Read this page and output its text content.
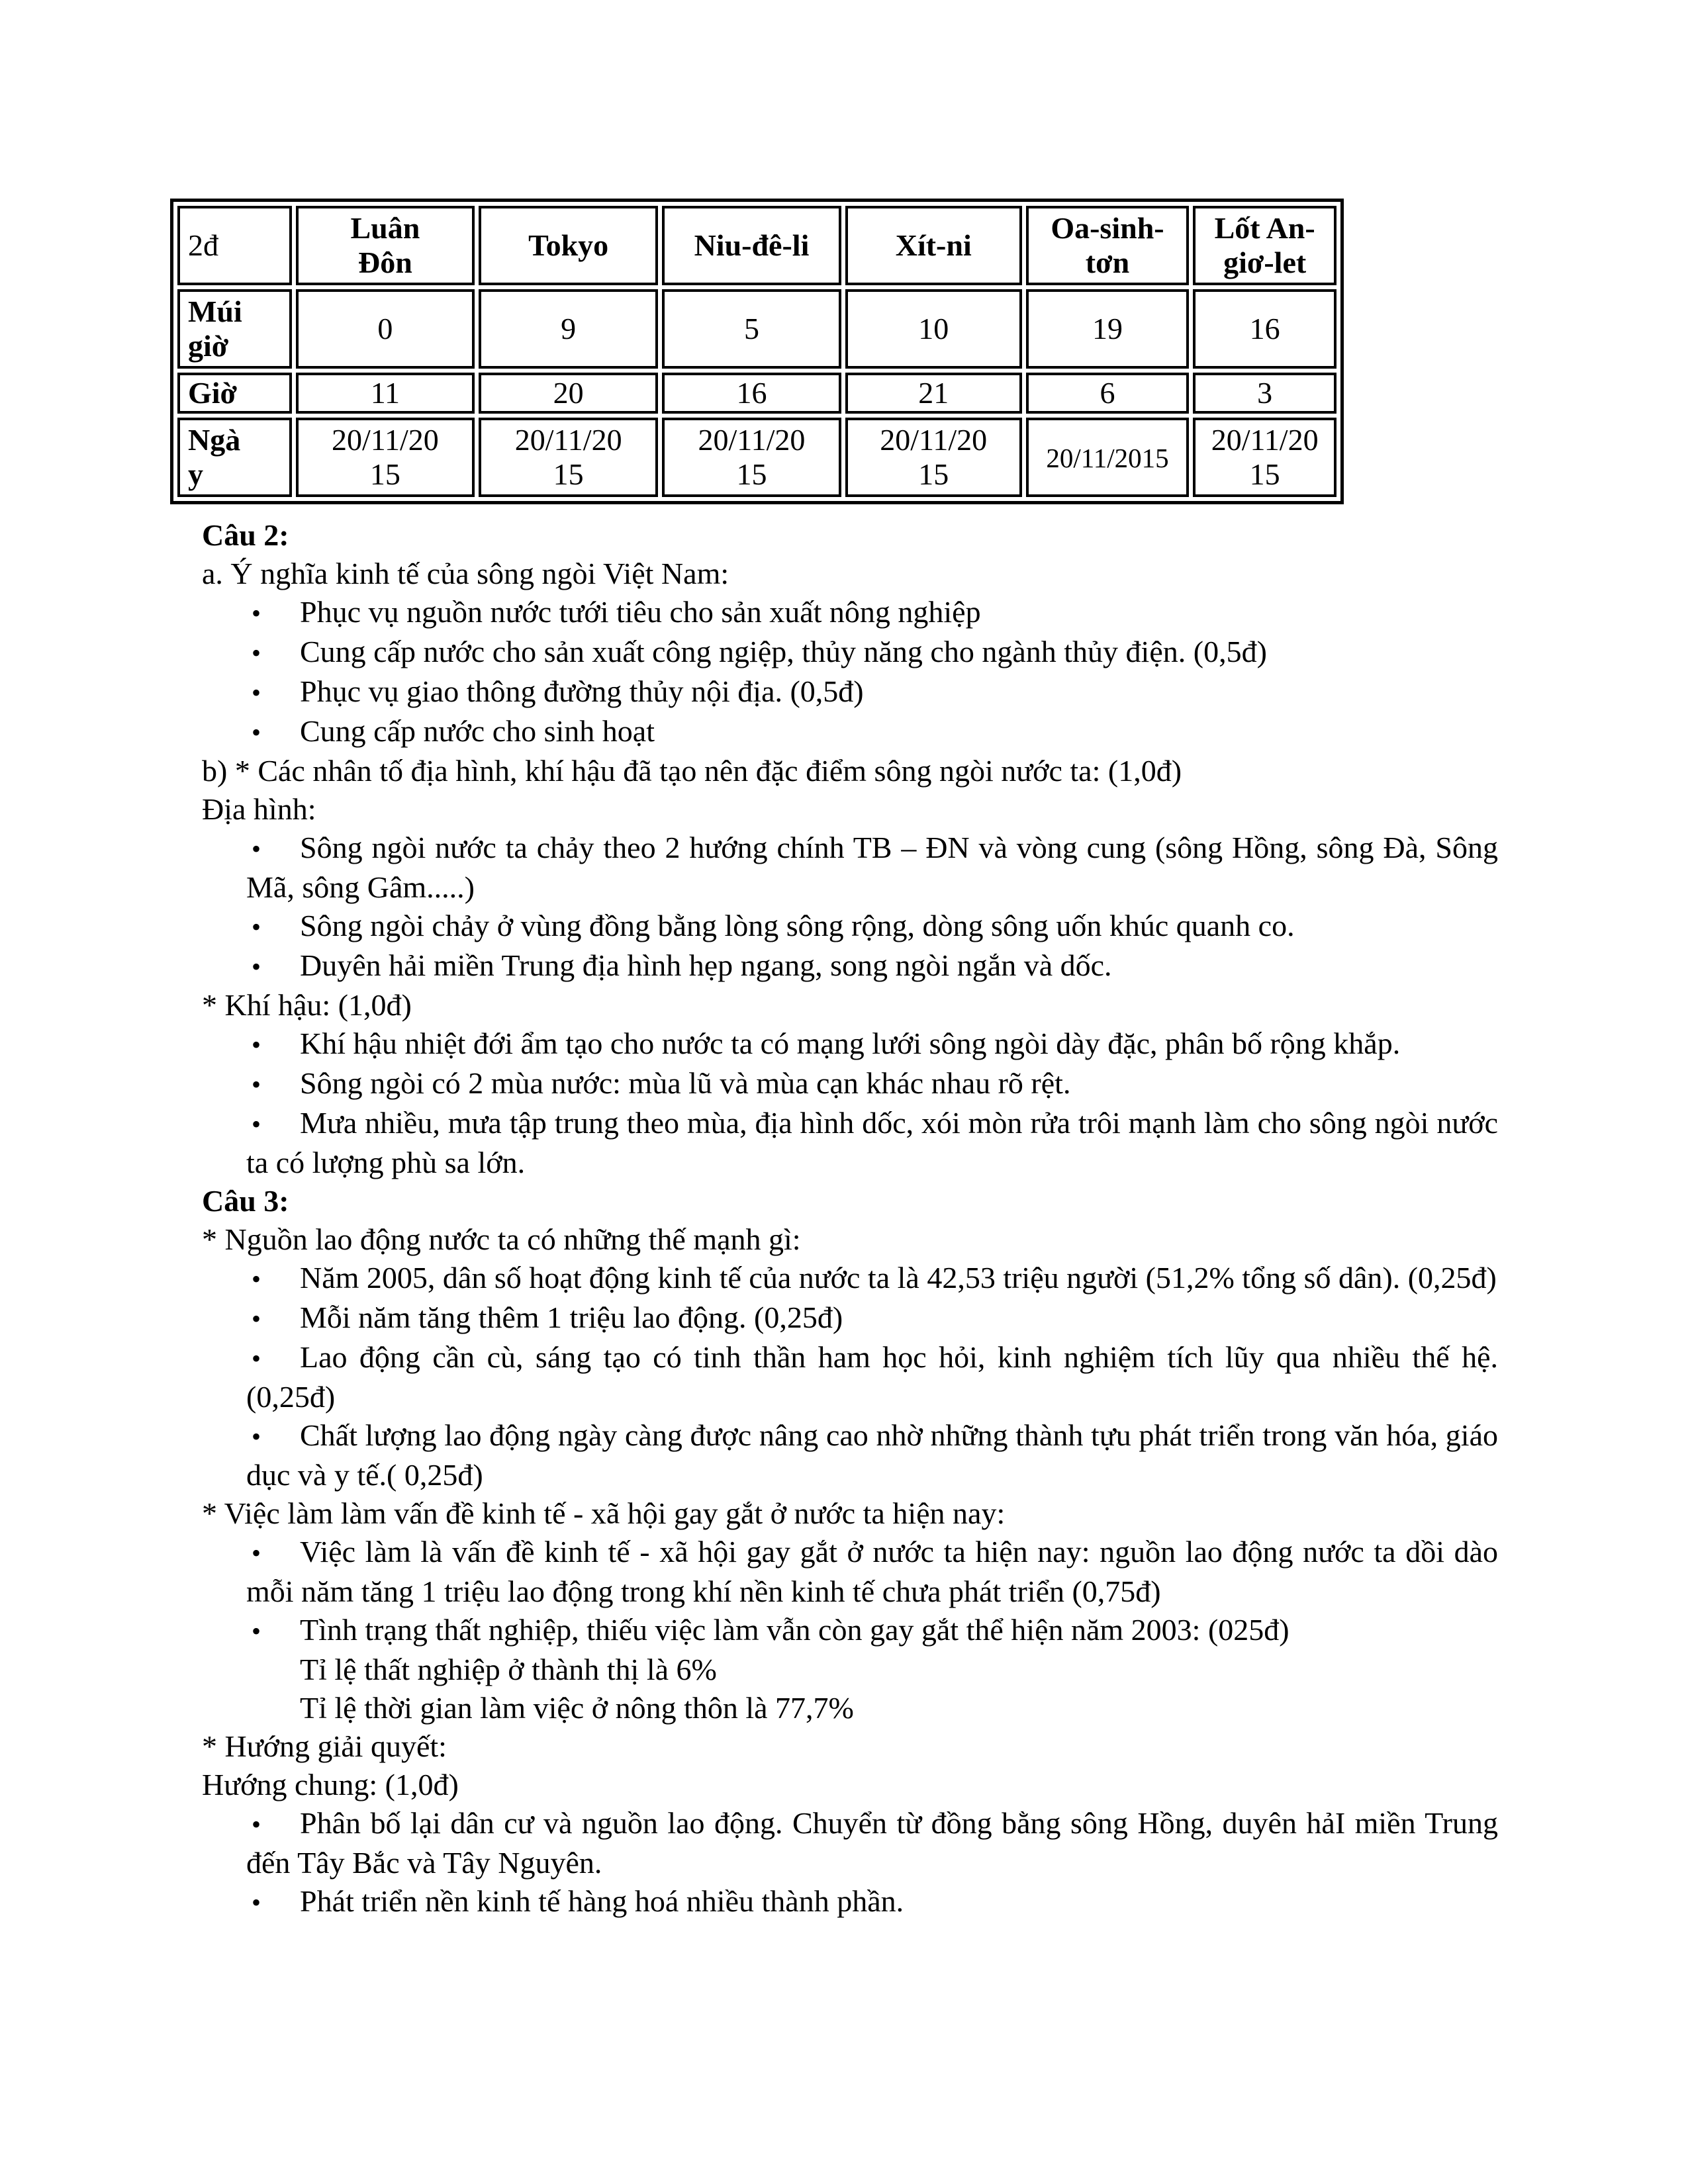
2đ	Luân Đôn	Tokyo	Niu-đê-li	Xít-ni	Oa-sinh-tơn	Lốt An-giơ-let
Múi giờ	0	9	5	10	19	16
Giờ	11	20	16	21	6	3
Ngày	20/11/2015	20/11/2015	20/11/2015	20/11/2015	20/11/2015	20/11/2015

Câu 2:

a. Ý nghĩa kinh tế của sông ngòi Việt Nam:

• Phục vụ nguồn nước tưới tiêu cho sản xuất nông nghiệp

• Cung cấp nước cho sản xuất công ngiệp, thủy năng cho ngành thủy điện. (0,5đ)

• Phục vụ giao thông đường thủy nội địa. (0,5đ)

• Cung cấp nước cho sinh hoạt

b) * Các nhân tố địa hình, khí hậu đã tạo nên đặc điểm sông ngòi nước ta: (1,0đ)

Địa hình:

• Sông ngòi nước ta chảy theo 2 hướng chính TB – ĐN và vòng cung (sông Hồng, sông Đà, Sông Mã, sông Gâm.....)

• Sông ngòi chảy ở vùng đồng bằng lòng sông rộng, dòng sông uốn khúc quanh co.

• Duyên hải miền Trung địa hình hẹp ngang, song ngòi ngắn và dốc.

* Khí hậu: (1,0đ)

• Khí hậu nhiệt đới ẩm tạo cho nước ta có mạng lưới sông ngòi dày đặc, phân bố rộng khắp.

• Sông ngòi có 2 mùa nước: mùa lũ và mùa cạn khác nhau rõ rệt.

• Mưa nhiều, mưa tập trung theo mùa, địa hình dốc, xói mòn rửa trôi mạnh làm cho sông ngòi nước ta có lượng phù sa lớn.

Câu 3:

* Nguồn lao động nước ta có những thế mạnh gì:

• Năm 2005, dân số hoạt động kinh tế của nước ta là 42,53 triệu người (51,2% tổng số dân). (0,25đ)

• Mỗi năm tăng thêm 1 triệu lao động. (0,25đ)

• Lao động cần cù, sáng tạo có tinh thần ham học hỏi, kinh nghiệm tích lũy qua nhiều thế hệ. (0,25đ)

• Chất lượng lao động ngày càng được nâng cao nhờ những thành tựu phát triển trong văn hóa, giáo dục và y tế.( 0,25đ)

* Việc làm làm vấn đề kinh tế - xã hội gay gắt ở nước ta hiện nay:

• Việc làm là vấn đề kinh tế - xã hội gay gắt ở nước ta hiện nay: nguồn lao động nước ta dồi dào mỗi năm tăng 1 triệu lao động trong khí nền kinh tế chưa phát triển (0,75đ)

• Tình trạng thất nghiệp, thiếu việc làm vẫn còn gay gắt thể hiện năm 2003: (025đ)

Tỉ lệ thất nghiệp ở thành thị là 6%

Tỉ lệ thời gian làm việc ở nông thôn là 77,7%

* Hướng giải quyết:

Hướng chung: (1,0đ)

• Phân bố lại dân cư và nguồn lao động. Chuyển từ đồng bằng sông Hồng, duyên hảI miền Trung đến Tây Bắc và Tây Nguyên.

• Phát triển nền kinh tế hàng hoá nhiều thành phần.
